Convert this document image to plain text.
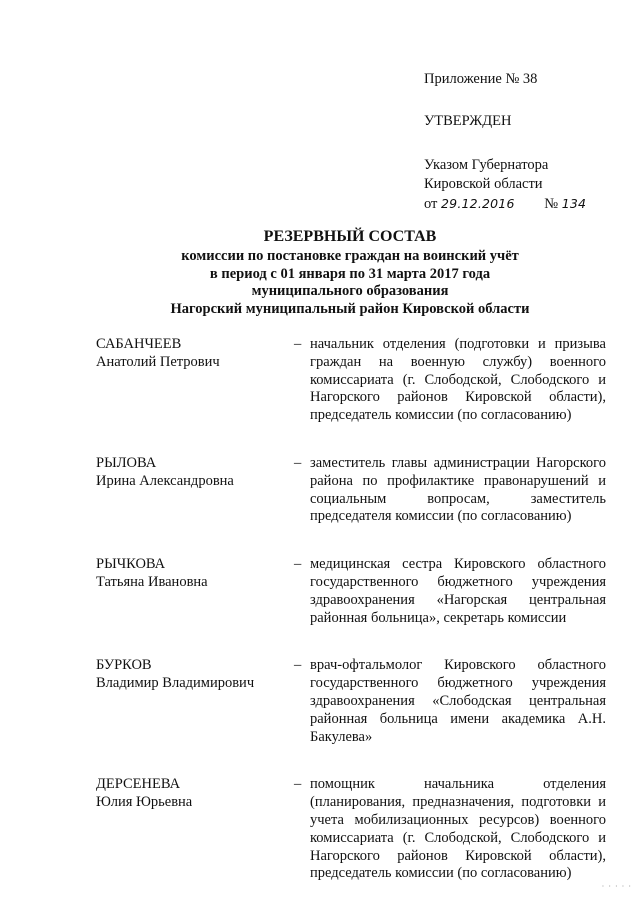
Приложение № 38
УТВЕРЖДЕН
Указом Губернатора
Кировской области
от 29.12.2016 № 134
РЕЗЕРВНЫЙ СОСТАВ
комиссии по постановке граждан на воинский учёт
в период с 01 января по 31 марта 2017 года
муниципального образования
Нагорский муниципальный район Кировской области
САБАНЧЕЕВ
Анатолий Петрович
– начальник отделения (подготовки и призыва граждан на военную службу) военного комиссариата (г. Слободской, Слободского и Нагорского районов Кировской области), председатель комиссии (по согласованию)
РЫЛОВА
Ирина Александровна
– заместитель главы администрации Нагорского района по профилактике правонарушений и социальным вопросам, заместитель председателя комиссии (по согласованию)
РЫЧКОВА
Татьяна Ивановна
– медицинская сестра Кировского областного государственного бюджетного учреждения здравоохранения «Нагорская центральная районная больница», секретарь комиссии
БУРКОВ
Владимир Владимирович
– врач-офтальмолог Кировского областного государственного бюджетного учреждения здравоохранения «Слободская центральная районная больница имени академика А.Н. Бакулева»
ДЕРСЕНЕВА
Юлия Юрьевна
– помощник начальника отделения (планирования, предназначения, подготовки и учета мобилизационных ресурсов) военного комиссариата (г. Слободской, Слободского и Нагорского районов Кировской области), председатель комиссии (по согласованию)
· · · · ·
